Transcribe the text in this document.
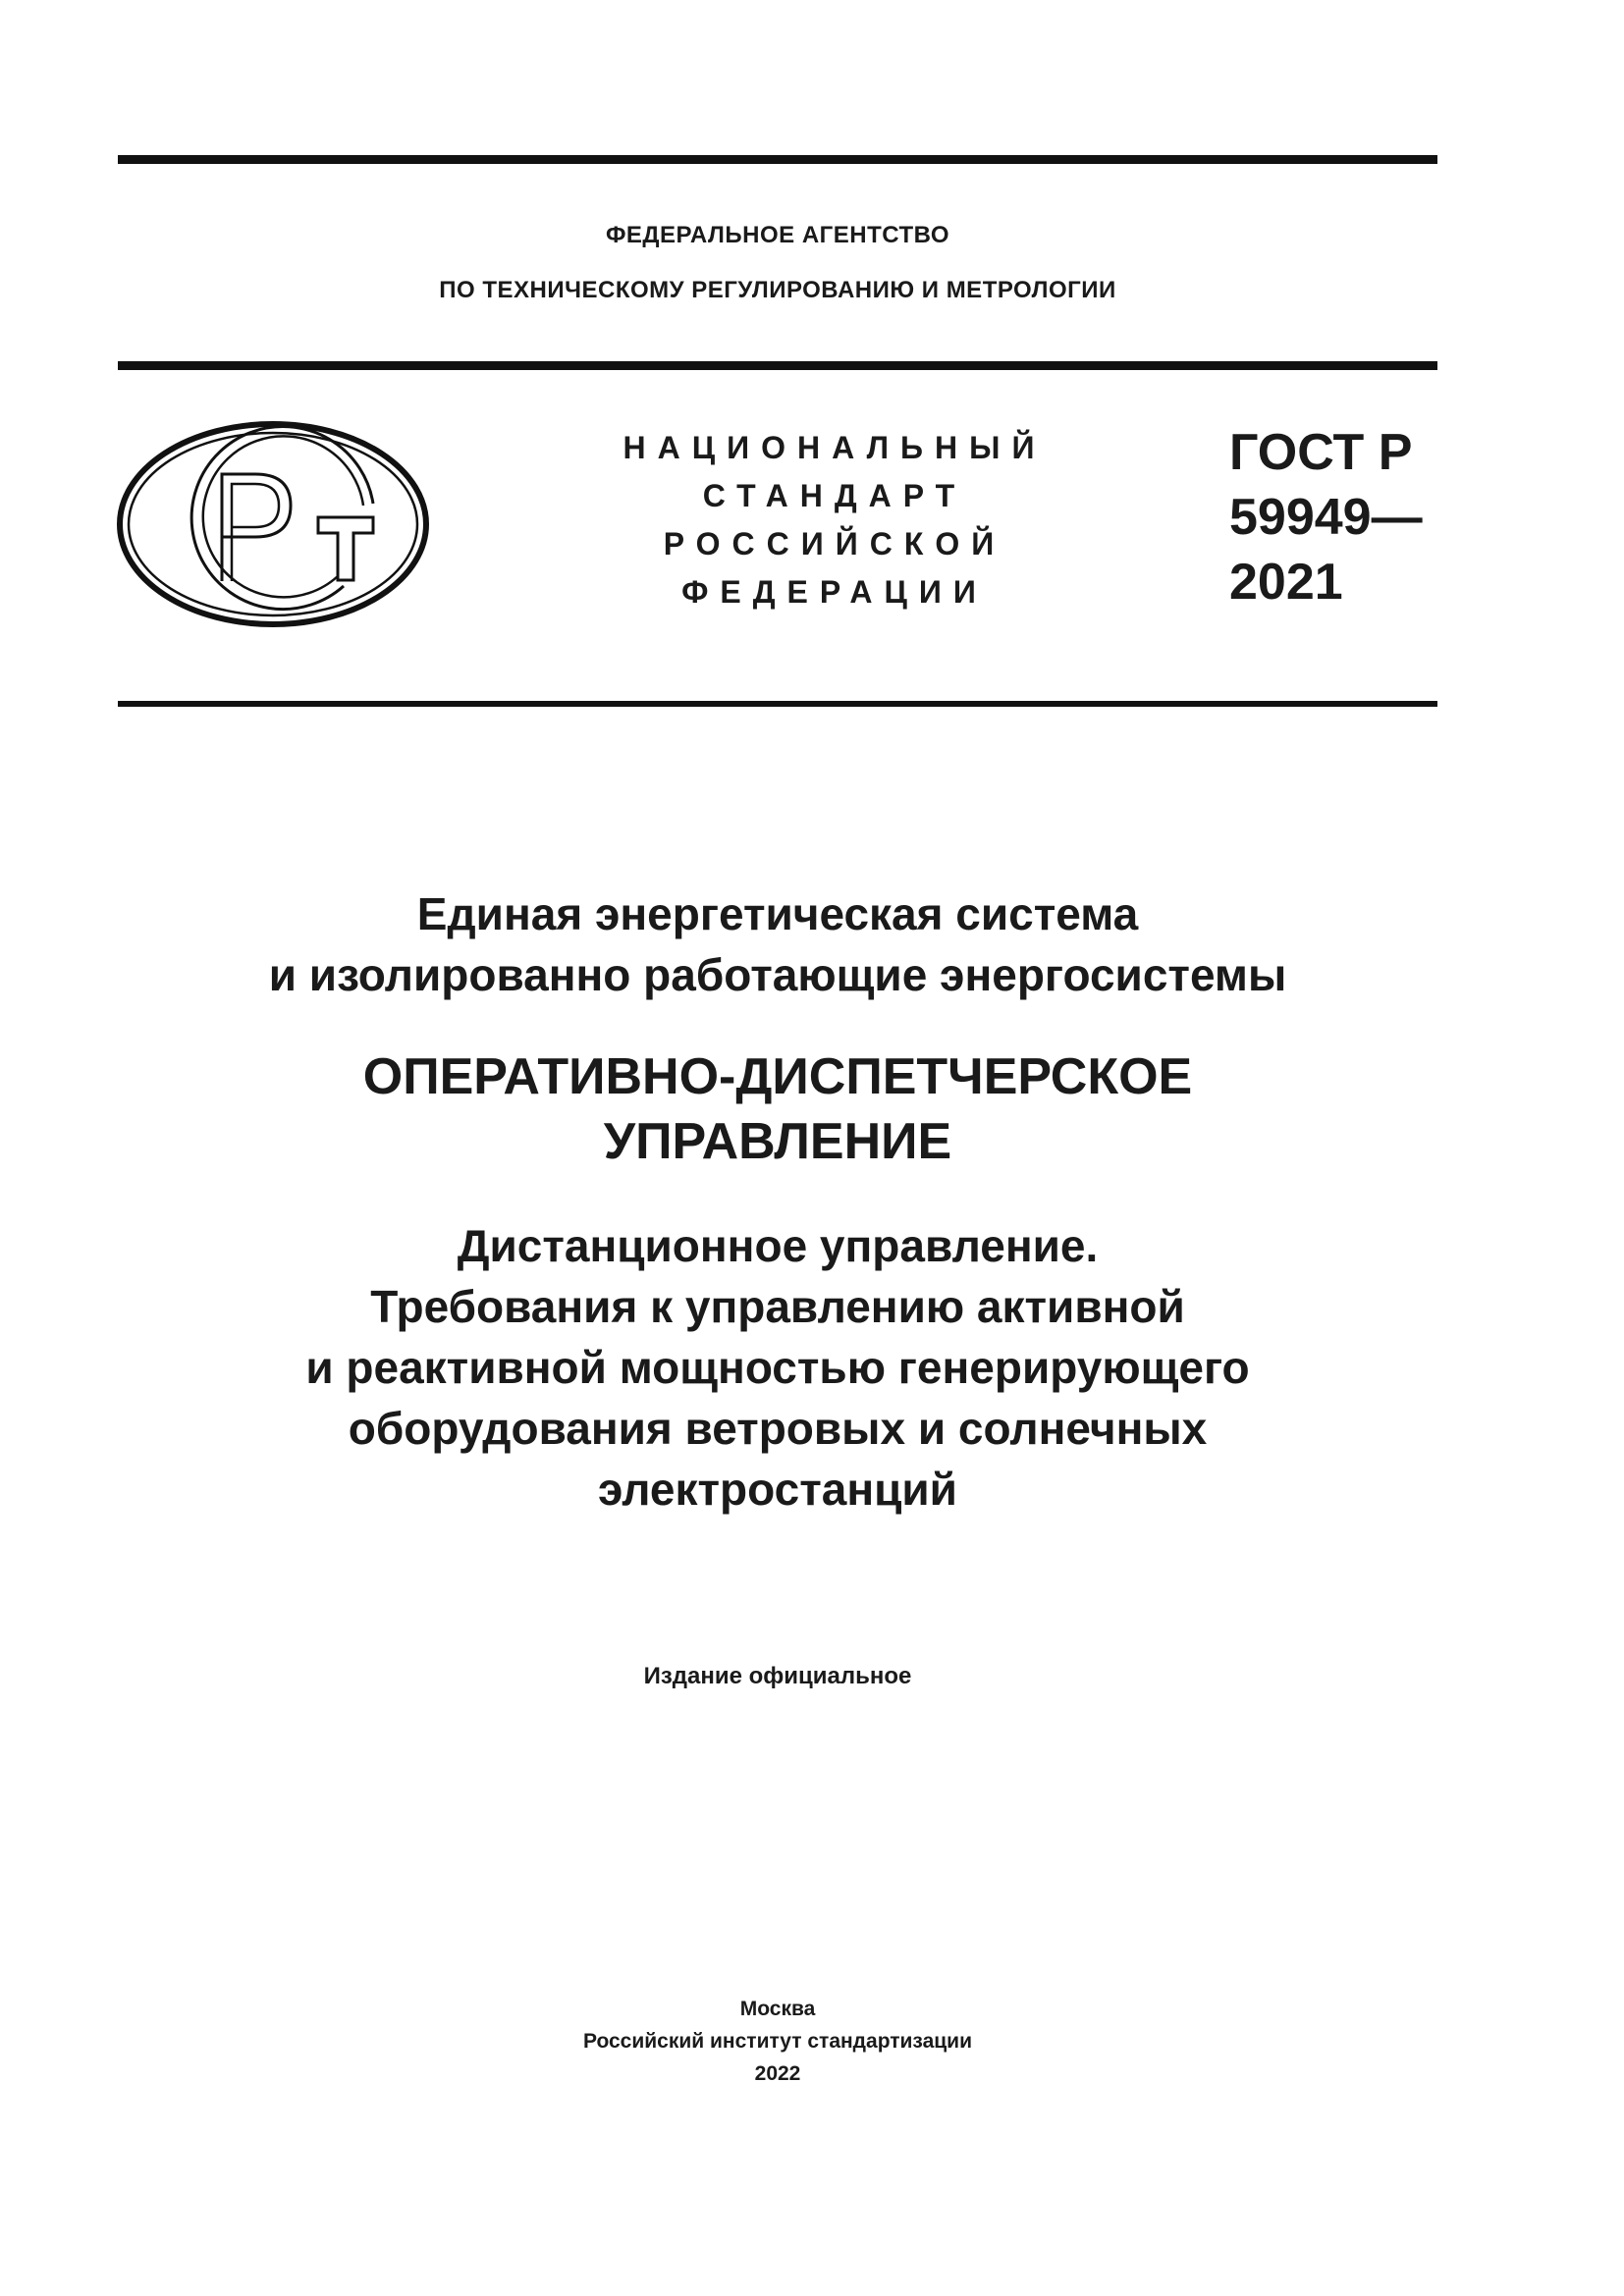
ФЕДЕРАЛЬНОЕ АГЕНТСТВО
ПО ТЕХНИЧЕСКОМУ РЕГУЛИРОВАНИЮ И МЕТРОЛОГИИ
НАЦИОНАЛЬНЫЙ
СТАНДАРТ
РОССИЙСКОЙ
ФЕДЕРАЦИИ
ГОСТ Р
59949—
2021
Единая энергетическая система
и изолированно работающие энергосистемы
ОПЕРАТИВНО-ДИСПЕТЧЕРСКОЕ
УПРАВЛЕНИЕ
Дистанционное управление.
Требования к управлению активной
и реактивной мощностью генерирующего
оборудования ветровых и солнечных
электростанций
Издание официальное
Москва
Российский институт стандартизации
2022
